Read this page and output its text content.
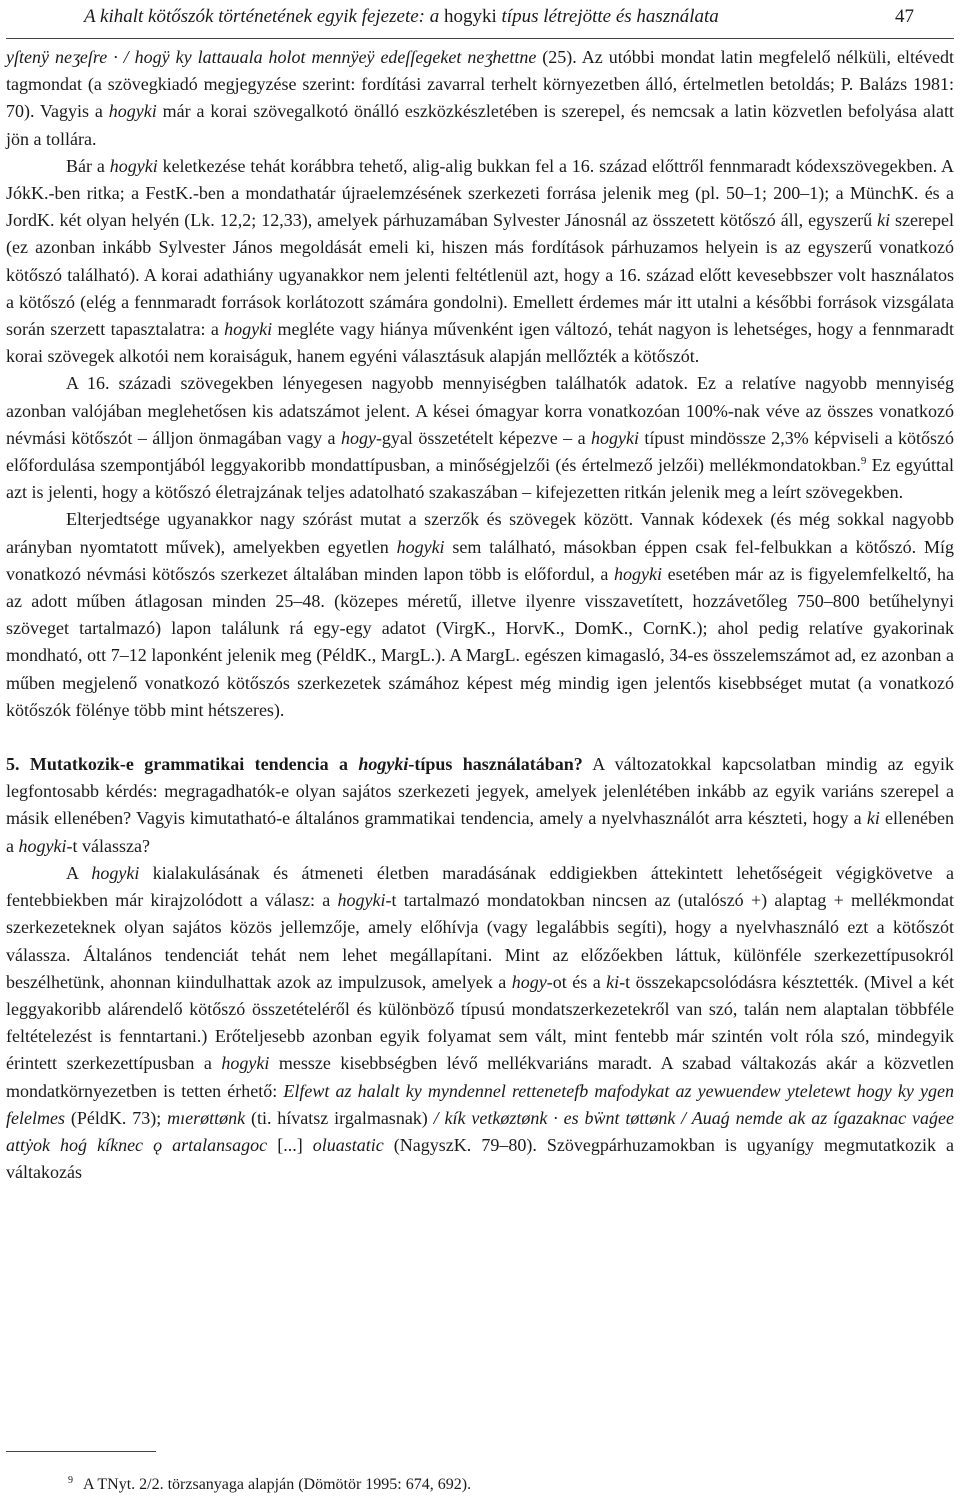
A kihalt kötőszók történetének egyik fejezete: a hogyki típus létrejötte és használata	47

yſtenӱ neӡeſre · / hogӱ ky lattauala holot mennӱeӱ edeſſegeket neӡhettne (25). Az utóbbi mondat latin megfelelő nélküli, eltévedt tagmondat (a szövegkiadó megjegyzése szerint: fordítási zavarral terhelt környezetben álló, értelmetlen betoldás; P. Balázs 1981: 70). Vagyis a hogyki már a korai szövegalkotó önálló eszközkészletében is szerepel, és nemcsak a latin közvetlen befolyása alatt jön a tollára.

Bár a hogyki keletkezése tehát korábbra tehető, alig-alig bukkan fel a 16. század előttről fennmaradt kódexszövegekben. A JókK.-ben ritka; a FestK.-ben a mondathatár újraelemzésének szerkezeti forrása jelenik meg (pl. 50–1; 200–1); a MünchK. és a JordK. két olyan helyén (Lk. 12,2; 12,33), amelyek párhuzamában Sylvester Jánosnál az összetett kötőszó áll, egyszerű ki szerepel (ez azonban inkább Sylvester János megoldását emeli ki, hiszen más fordítások párhuzamos helyein is az egyszerű vonatkozó kötőszó található). A korai adathiány ugyanakkor nem jelenti feltétlenül azt, hogy a 16. század előtt kevesebbszer volt használatos a kötőszó (elég a fennmaradt források korlátozott számára gondolni). Emellett érdemes már itt utalni a későbbi források vizsgálata során szerzett tapasztalatra: a hogyki megléte vagy hiánya művenként igen változó, tehát nagyon is lehetséges, hogy a fennmaradt korai szövegek alkotói nem koraiságuk, hanem egyéni választásuk alapján mellőzték a kötőszót.

A 16. századi szövegekben lényegesen nagyobb mennyiségben találhatók adatok. Ez a relatíve nagyobb mennyiség azonban valójában meglehetősen kis adatszámot jelent. A kései ómagyar korra vonatkozóan 100%-nak véve az összes vonatkozó névmási kötőszót – álljon önmagában vagy a hogy-gyal összetételt képezve – a hogyki típust mindössze 2,3% képviseli a kötőszó előfordulása szempontjából leggyakoribb mondattípusban, a minőségjelzői (és értelmező jelzői) mellékmondatokban.$^9$ Ez egyúttal azt is jelenti, hogy a kötőszó életrajzának teljes adatolható szakaszában – kifejezetten ritkán jelenik meg a leírt szövegekben.

Elterjedtsége ugyanakkor nagy szórást mutat a szerzők és szövegek között. Vannak kódexek (és még sokkal nagyobb arányban nyomtatott művek), amelyekben egyetlen hogyki sem található, másokban éppen csak fel-felbukkan a kötőszó. Míg vonatkozó névmási kötőszós szerkezet általában minden lapon több is előfordul, a hogyki esetében már az is figyelemfelkeltő, ha az adott műben átlagosan minden 25–48. (közepes méretű, illetve ilyenre visszavetített, hozzávetőleg 750–800 betűhelynyi szöveget tartalmazó) lapon találunk rá egy-egy adatot (VirgK., HorvK., DomK., CornK.); ahol pedig relatíve gyakorinak mondható, ott 7–12 laponként jelenik meg (PéldK., MargL.). A MargL. egészen kimagasló, 34-es összelemszámot ad, ez azonban a műben megjelenő vonatkozó kötőszós szerkezetek számához képest még mindig igen jelentős kisebbséget mutat (a vonatkozó kötőszók fölénye több mint hétszeres).

5. Mutatkozik-e grammatikai tendencia a hogyki-típus használatában? A változatokkal kapcsolatban mindig az egyik legfontosabb kérdés: megragadhatók-e olyan sajátos szerkezeti jegyek, amelyek jelenlétében inkább az egyik variáns szerepel a másik ellenében? Vagyis kimutatható-e általános grammatikai tendencia, amely a nyelvhasználót arra készteti, hogy a ki ellenében a hogyki-t válassza?

A hogyki kialakulásának és átmeneti életben maradásának eddigiekben áttekintett lehetőségeit végigkövetve a fentebbiekben már kirajzolódott a válasz: a hogyki-t tartalmazó mondatokban nincsen az (utalószó +) alaptag + mellékmondat szerkezeteknek olyan sajátos közös jellemzője, amely előhívja (vagy legalábbis segíti), hogy a nyelvhasználó ezt a kötőszót válassza. Általános tendenciát tehát nem lehet megállapítani. Mint az előzőekben láttuk, különféle szerkezettípusokról beszélhetünk, ahonnan kiindulhattak azok az impulzusok, amelyek a hogy-ot és a ki-t összekapcsolódásra késztették. (Mivel a két leggyakoribb alárendelő kötőszó összetételéről és különböző típusú mondatszerkezetekről van szó, talán nem alaptalan többféle feltételezést is fenntartani.) Erőteljesebb azonban egyik folyamat sem vált, mint fentebb már szintén volt róla szó, mindegyik érintett szerkezettípusban a hogyki messze kisebbségben lévő mellékvariáns maradt. A szabad váltakozás akár a közvetlen mondatkörnyezetben is tetten érhető: Elfewt az halalt ky myndennel rettenetefb mafodykat az yewuendew yteletewt hogy ky ygen felelmes (PéldK. 73); mıerøttønk (ti. hívatsz irgalmasnak) / kík vetkøztønk · es bẅnt tøttønk / Auaǵ nemde ak az ígazaknac vaǵee attẏok hoǵ kíknec ǫ artalansagoc [...] oluastatic (NagyszK. 79–80). Szövegpárhuzamokban is ugyanígy megmutatkozik a váltakozás

$^9$ A TNyt. 2/2. törzsanyaga alapján (Dömötör 1995: 674, 692).
